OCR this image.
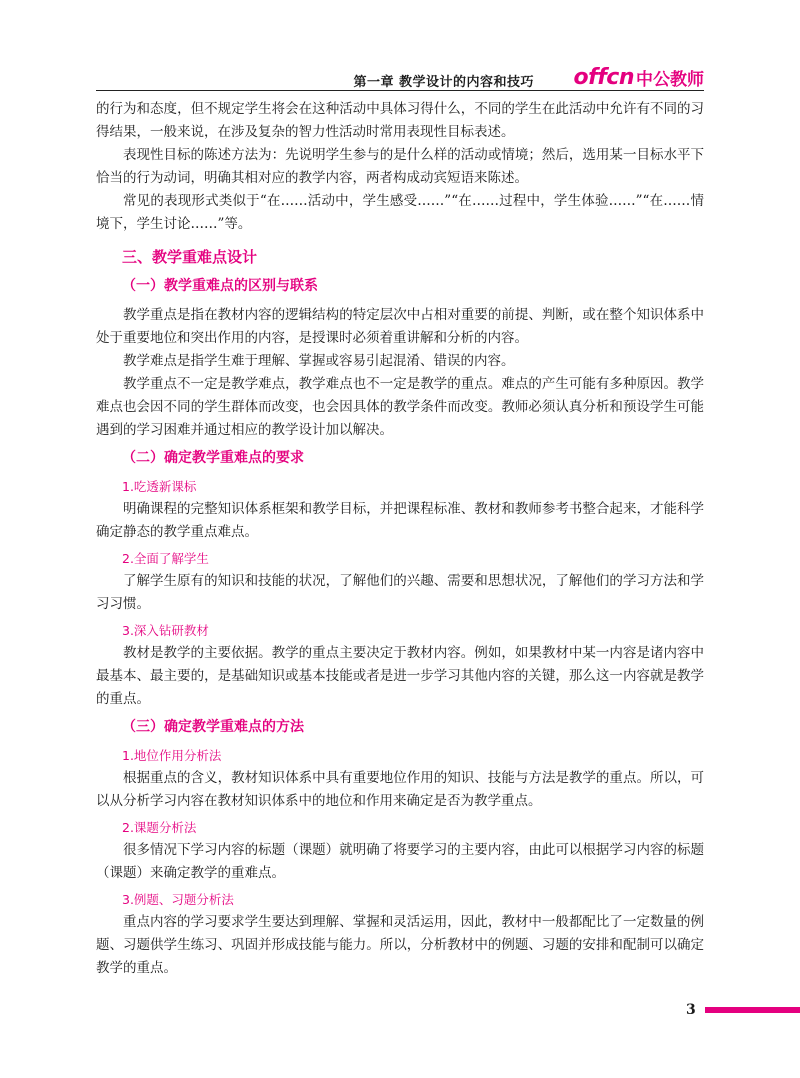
第一章 教学设计的内容和技巧 offcn 中公教师

的行为和态度，但不规定学生将会在这种活动中具体习得什么，不同的学生在此活动中允许有不同的习得结果，一般来说，在涉及复杂的智力性活动时常用表现性目标表述。

表现性目标的陈述方法为：先说明学生参与的是什么样的活动或情境；然后，选用某一目标水平下恰当的行为动词，明确其相对应的教学内容，两者构成动宾短语来陈述。

常见的表现形式类似于“在……活动中，学生感受……”“在……过程中，学生体验……”“在……情境下，学生讨论……”等。

三、教学重难点设计
（一）教学重难点的区别与联系

教学重点是指在教材内容的逻辑结构的特定层次中占相对重要的前提、判断，或在整个知识体系中处于重要地位和突出作用的内容，是授课时必须着重讲解和分析的内容。

教学难点是指学生难于理解、掌握或容易引起混淆、错误的内容。

教学重点不一定是教学难点，教学难点也不一定是教学的重点。难点的产生可能有多种原因。教学难点也会因不同的学生群体而改变，也会因具体的教学条件而改变。教师必须认真分析和预设学生可能遇到的学习困难并通过相应的教学设计加以解决。

（二）确定教学重难点的要求
1.吃透新课标

明确课程的完整知识体系框架和教学目标，并把课程标准、教材和教师参考书整合起来，才能科学确定静态的教学重点难点。

2.全面了解学生

了解学生原有的知识和技能的状况，了解他们的兴趣、需要和思想状况，了解他们的学习方法和学习习惯。

3.深入钻研教材

教材是教学的主要依据。教学的重点主要决定于教材内容。例如，如果教材中某一内容是诸内容中最基本、最主要的，是基础知识或基本技能或者是进一步学习其他内容的关键，那么这一内容就是教学的重点。

（三）确定教学重难点的方法
1.地位作用分析法

根据重点的含义，教材知识体系中具有重要地位作用的知识、技能与方法是教学的重点。所以，可以从分析学习内容在教材知识体系中的地位和作用来确定是否为教学重点。

2.课题分析法

很多情况下学习内容的标题（课题）就明确了将要学习的主要内容，由此可以根据学习内容的标题（课题）来确定教学的重难点。

3.例题、习题分析法

重点内容的学习要求学生要达到理解、掌握和灵活运用，因此，教材中一般都配比了一定数量的例题、习题供学生练习、巩固并形成技能与能力。所以，分析教材中的例题、习题的安排和配制可以确定教学的重点。

3
